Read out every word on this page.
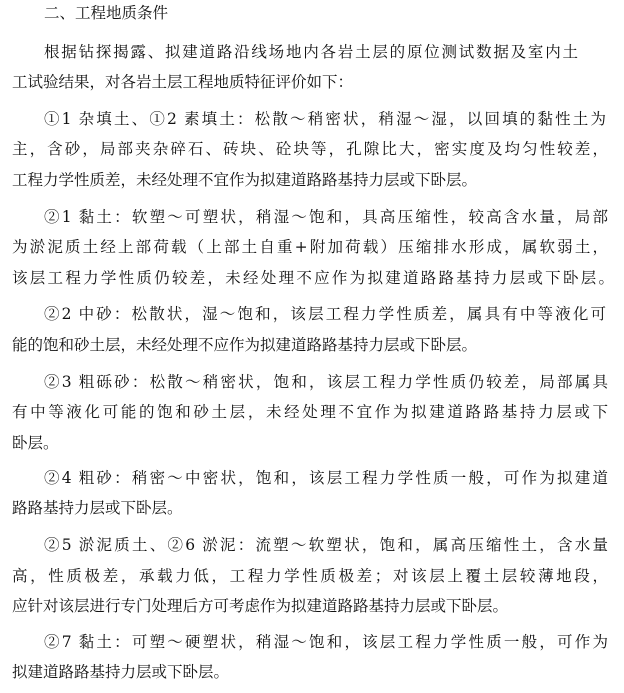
二、工程地质条件
根据钻探揭露、拟建道路沿线场地内各岩土层的原位测试数据及室内土
工试验结果，对各岩土层工程地质特征评价如下：
①1 杂填土、①2 素填土：松散～稍密状，稍湿～湿，以回填的黏性土为
主，含砂，局部夹杂碎石、砖块、砼块等，孔隙比大，密实度及均匀性较差，
工程力学性质差，未经处理不宜作为拟建道路路基持力层或下卧层。
②1 黏土：软塑～可塑状，稍湿～饱和，具高压缩性，较高含水量，局部
为淤泥质土经上部荷载（上部土自重+附加荷载）压缩排水形成，属软弱土，
该层工程力学性质仍较差，未经处理不应作为拟建道路路基持力层或下卧层。
②2 中砂：松散状，湿～饱和，该层工程力学性质差，属具有中等液化可
能的饱和砂土层，未经处理不应作为拟建道路路基持力层或下卧层。
②3 粗砾砂：松散～稍密状，饱和，该层工程力学性质仍较差，局部属具
有中等液化可能的饱和砂土层，未经处理不宜作为拟建道路路基持力层或下
卧层。
②4 粗砂：稍密～中密状，饱和，该层工程力学性质一般，可作为拟建道
路路基持力层或下卧层。
②5 淤泥质土、②6 淤泥：流塑～软塑状，饱和，属高压缩性土，含水量
高，性质极差，承载力低，工程力学性质极差；对该层上覆土层较薄地段，
应针对该层进行专门处理后方可考虑作为拟建道路路基持力层或下卧层。
②7 黏土：可塑～硬塑状，稍湿～饱和，该层工程力学性质一般，可作为
拟建道路路基持力层或下卧层。
